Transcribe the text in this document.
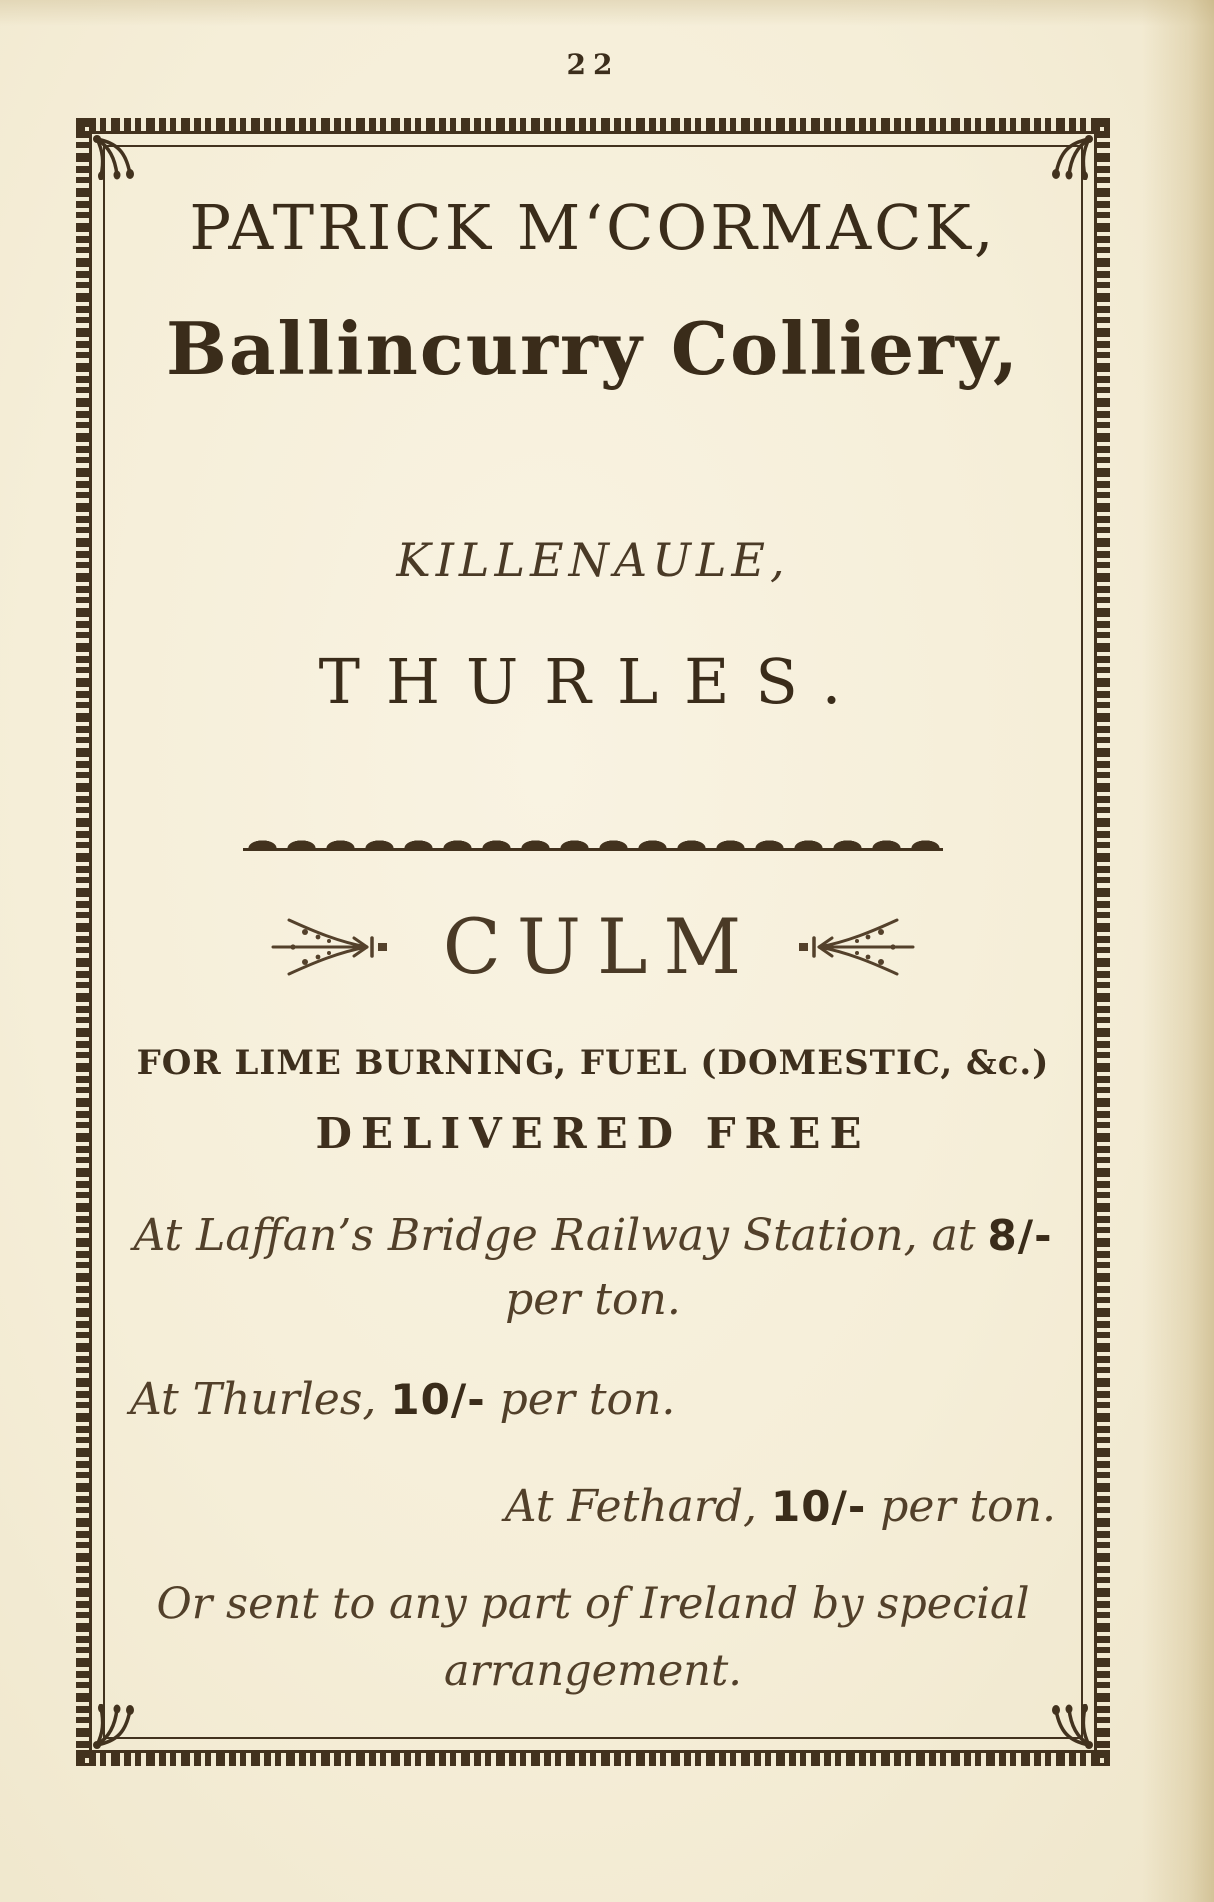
22
PATRICK M‘CORMACK,
Ballincurry Colliery,
KILLENAULE,
THURLES.
CULM
FOR LIME BURNING, FUEL (DOMESTIC, &c.)
DELIVERED FREE
At Laffan’s Bridge Railway Station, at 8/-
per ton.
At Thurles, 10/- per ton.
At Fethard, 10/- per ton.
Or sent to any part of Ireland by special
arrangement.
